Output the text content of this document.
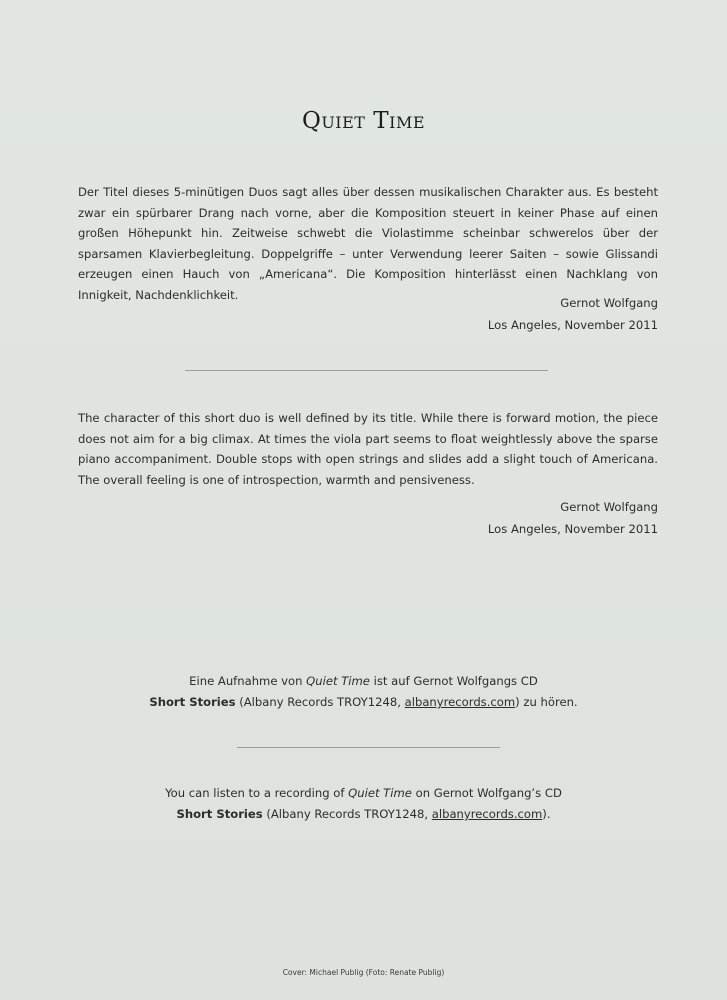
Quiet Time
Der Titel dieses 5-minütigen Duos sagt alles über dessen musikalischen Charakter aus. Es besteht zwar ein spürbarer Drang nach vorne, aber die Komposition steuert in keiner Phase auf einen großen Höhepunkt hin. Zeitweise schwebt die Violastimme scheinbar schwerelos über der sparsamen Klavierbegleitung. Doppelgriffe – unter Verwendung leerer Saiten – sowie Glissandi erzeugen einen Hauch von „Americana“. Die Komposition hinterlässt einen Nachklang von Innigkeit, Nachdenklichkeit.
Gernot Wolfgang
Los Angeles, November 2011
The character of this short duo is well defined by its title. While there is forward motion, the piece does not aim for a big climax. At times the viola part seems to float weightlessly above the sparse piano accompaniment. Double stops with open strings and slides add a slight touch of Americana. The overall feeling is one of introspection, warmth and pensiveness.
Gernot Wolfgang
Los Angeles, November 2011
Eine Aufnahme von Quiet Time ist auf Gernot Wolfgangs CD
Short Stories (Albany Records TROY1248, albanyrecords.com) zu hören.
You can listen to a recording of Quiet Time on Gernot Wolfgang’s CD
Short Stories (Albany Records TROY1248, albanyrecords.com).
Cover: Michael Publig (Foto: Renate Publig)
